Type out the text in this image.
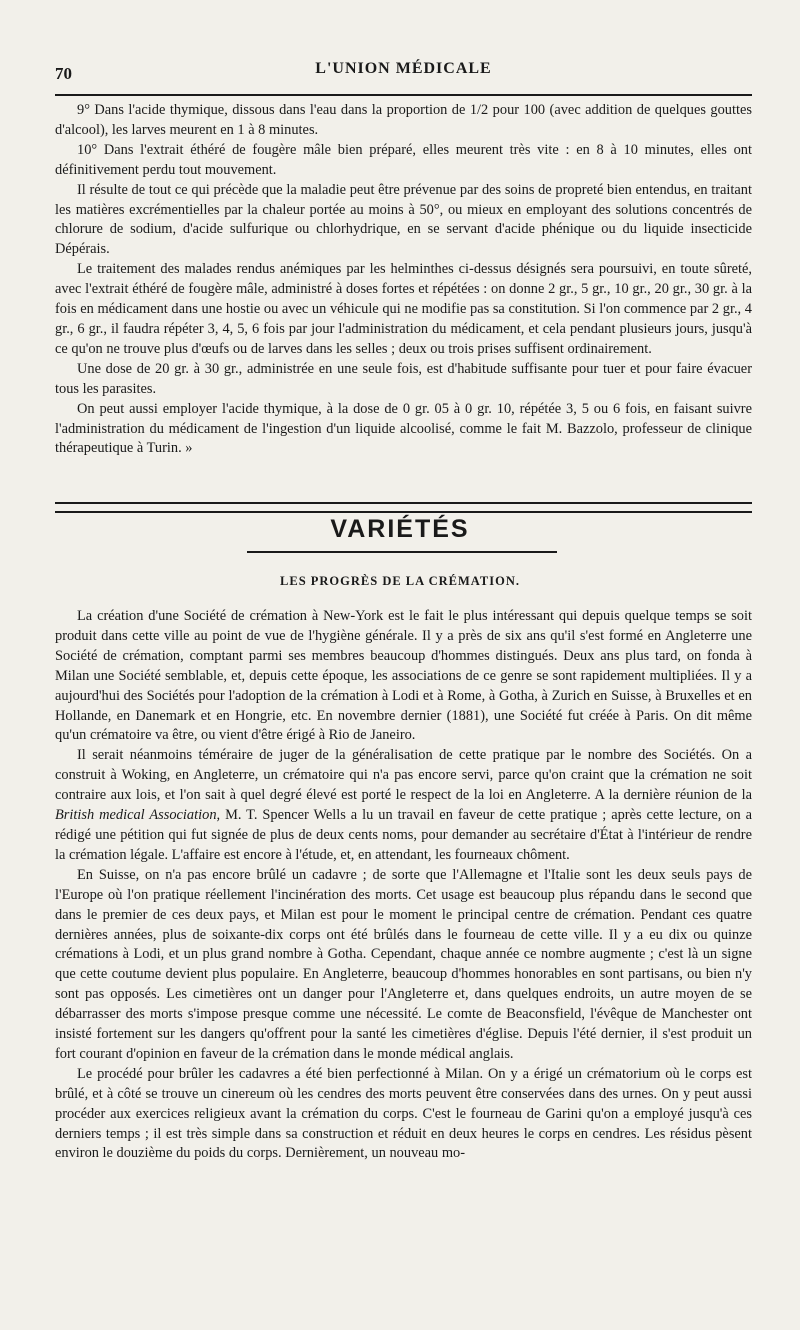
70	L'UNION MÉDICALE

9° Dans l'acide thymique, dissous dans l'eau dans la proportion de 1/2 pour 100 (avec addition de quelques gouttes d'alcool), les larves meurent en 1 à 8 minutes.

10° Dans l'extrait éthéré de fougère mâle bien préparé, elles meurent très vite : en 8 à 10 minutes, elles ont définitivement perdu tout mouvement.

Il résulte de tout ce qui précède que la maladie peut être prévenue par des soins de propreté bien entendus, en traitant les matières excrémentielles par la chaleur portée au moins à 50°, ou mieux en employant des solutions concentrés de chlorure de sodium, d'acide sulfurique ou chlorhydrique, en se servant d'acide phénique ou du liquide insecticide Dépérais.

Le traitement des malades rendus anémiques par les helminthes ci-dessus désignés sera poursuivi, en toute sûreté, avec l'extrait éthéré de fougère mâle, administré à doses fortes et répétées : on donne 2 gr., 5 gr., 10 gr., 20 gr., 30 gr. à la fois en médicament dans une hostie ou avec un véhicule qui ne modifie pas sa constitution. Si l'on commence par 2 gr., 4 gr., 6 gr., il faudra répéter 3, 4, 5, 6 fois par jour l'administration du médicament, et cela pendant plusieurs jours, jusqu'à ce qu'on ne trouve plus d'œufs ou de larves dans les selles ; deux ou trois prises suffisent ordinairement.

Une dose de 20 gr. à 30 gr., administrée en une seule fois, est d'habitude suffisante pour tuer et pour faire évacuer tous les parasites.

On peut aussi employer l'acide thymique, à la dose de 0 gr. 05 à 0 gr. 10, répétée 3, 5 ou 6 fois, en faisant suivre l'administration du médicament de l'ingestion d'un liquide alcoolisé, comme le fait M. Bazzolo, professeur de clinique thérapeutique à Turin. »

VARIÉTÉS
LES PROGRÈS DE LA CRÉMATION.

La création d'une Société de crémation à New-York est le fait le plus intéressant qui depuis quelque temps se soit produit dans cette ville au point de vue de l'hygiène générale. Il y a près de six ans qu'il s'est formé en Angleterre une Société de crémation, comptant parmi ses membres beaucoup d'hommes distingués. Deux ans plus tard, on fonda à Milan une Société semblable, et, depuis cette époque, les associations de ce genre se sont rapidement multipliées. Il y a aujourd'hui des Sociétés pour l'adoption de la crémation à Lodi et à Rome, à Gotha, à Zurich en Suisse, à Bruxelles et en Hollande, en Danemark et en Hongrie, etc. En novembre dernier (1881), une Société fut créée à Paris. On dit même qu'un crématoire va être, ou vient d'être érigé à Rio de Janeiro.

Il serait néanmoins téméraire de juger de la généralisation de cette pratique par le nombre des Sociétés. On a construit à Woking, en Angleterre, un crématoire qui n'a pas encore servi, parce qu'on craint que la crémation ne soit contraire aux lois, et l'on sait à quel degré élevé est porté le respect de la loi en Angleterre. A la dernière réunion de la British medical Association, M. T. Spencer Wells a lu un travail en faveur de cette pratique ; après cette lecture, on a rédigé une pétition qui fut signée de plus de deux cents noms, pour demander au secrétaire d'État à l'intérieur de rendre la crémation légale. L'affaire est encore à l'étude, et, en attendant, les fourneaux chôment.

En Suisse, on n'a pas encore brûlé un cadavre ; de sorte que l'Allemagne et l'Italie sont les deux seuls pays de l'Europe où l'on pratique réellement l'incinération des morts. Cet usage est beaucoup plus répandu dans le second que dans le premier de ces deux pays, et Milan est pour le moment le principal centre de crémation. Pendant ces quatre dernières années, plus de soixante-dix corps ont été brûlés dans le fourneau de cette ville. Il y a eu dix ou quinze crémations à Lodi, et un plus grand nombre à Gotha. Cependant, chaque année ce nombre augmente ; c'est là un signe que cette coutume devient plus populaire. En Angleterre, beaucoup d'hommes honorables en sont partisans, ou bien n'y sont pas opposés. Les cimetières ont un danger pour l'Angleterre et, dans quelques endroits, un autre moyen de se débarrasser des morts s'impose presque comme une nécessité. Le comte de Beaconsfield, l'évêque de Manchester ont insisté fortement sur les dangers qu'offrent pour la santé les cimetières d'église. Depuis l'été dernier, il s'est produit un fort courant d'opinion en faveur de la crémation dans le monde médical anglais.

Le procédé pour brûler les cadavres a été bien perfectionné à Milan. On y a érigé un crématorium où le corps est brûlé, et à côté se trouve un cinereum où les cendres des morts peuvent être conservées dans des urnes. On y peut aussi procéder aux exercices religieux avant la crémation du corps. C'est le fourneau de Garini qu'on a employé jusqu'à ces derniers temps ; il est très simple dans sa construction et réduit en deux heures le corps en cendres. Les résidus pèsent environ le douzième du poids du corps. Dernièrement, un nouveau mo-
